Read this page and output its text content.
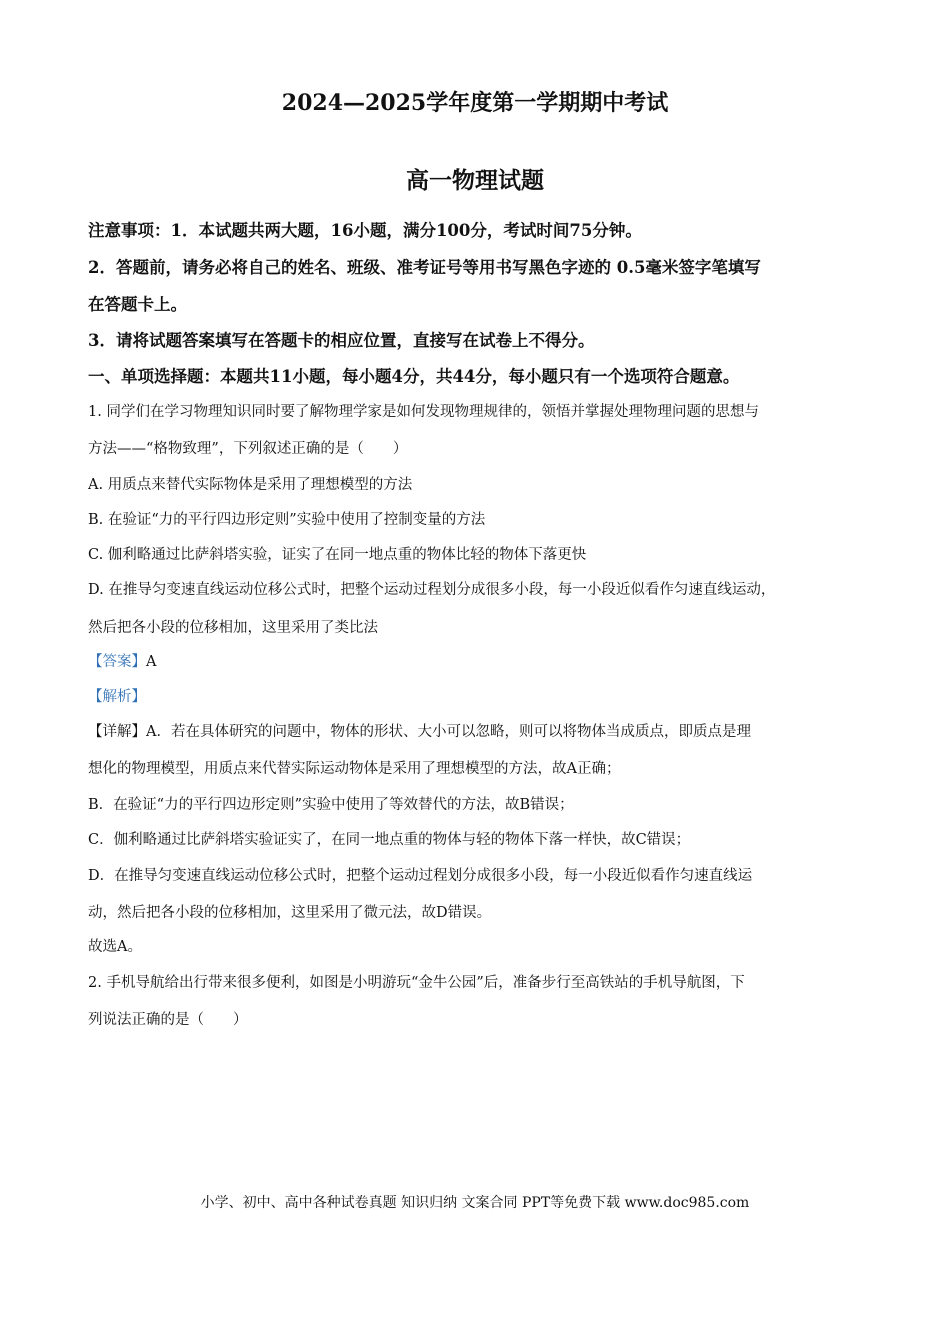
2024—2025学年度第一学期期中考试
高一物理试题
注意事项：1．本试题共两大题，16小题，满分100分，考试时间75分钟。
2．答题前，请务必将自己的姓名、班级、准考证号等用书写黑色字迹的 0.5毫米签字笔填写
在答题卡上。
3．请将试题答案填写在答题卡的相应位置，直接写在试卷上不得分。
一、单项选择题：本题共11小题，每小题4分，共44分，每小题只有一个选项符合题意。
1. 同学们在学习物理知识同时要了解物理学家是如何发现物理规律的，领悟并掌握处理物理问题的思想与
方法——“格物致理”，下列叙述正确的是（　　）
A. 用质点来替代实际物体是采用了理想模型的方法
B. 在验证“力的平行四边形定则”实验中使用了控制变量的方法
C. 伽利略通过比萨斜塔实验，证实了在同一地点重的物体比轻的物体下落更快
D. 在推导匀变速直线运动位移公式时，把整个运动过程划分成很多小段，每一小段近似看作匀速直线运动，
然后把各小段的位移相加，这里采用了类比法
【答案】A
【解析】
【详解】A．若在具体研究的问题中，物体的形状、大小可以忽略，则可以将物体当成质点，即质点是理
想化的物理模型，用质点来代替实际运动物体是采用了理想模型的方法，故A正确；
B．在验证“力的平行四边形定则”实验中使用了等效替代的方法，故B错误；
C．伽利略通过比萨斜塔实验证实了，在同一地点重的物体与轻的物体下落一样快，故C错误；
D．在推导匀变速直线运动位移公式时，把整个运动过程划分成很多小段，每一小段近似看作匀速直线运
动，然后把各小段的位移相加，这里采用了微元法，故D错误。
故选A。
2. 手机导航给出行带来很多便利，如图是小明游玩“金牛公园”后，准备步行至高铁站的手机导航图，下
列说法正确的是（　　）
小学、初中、高中各种试卷真题 知识归纳 文案合同 PPT等免费下载 www.doc985.com
